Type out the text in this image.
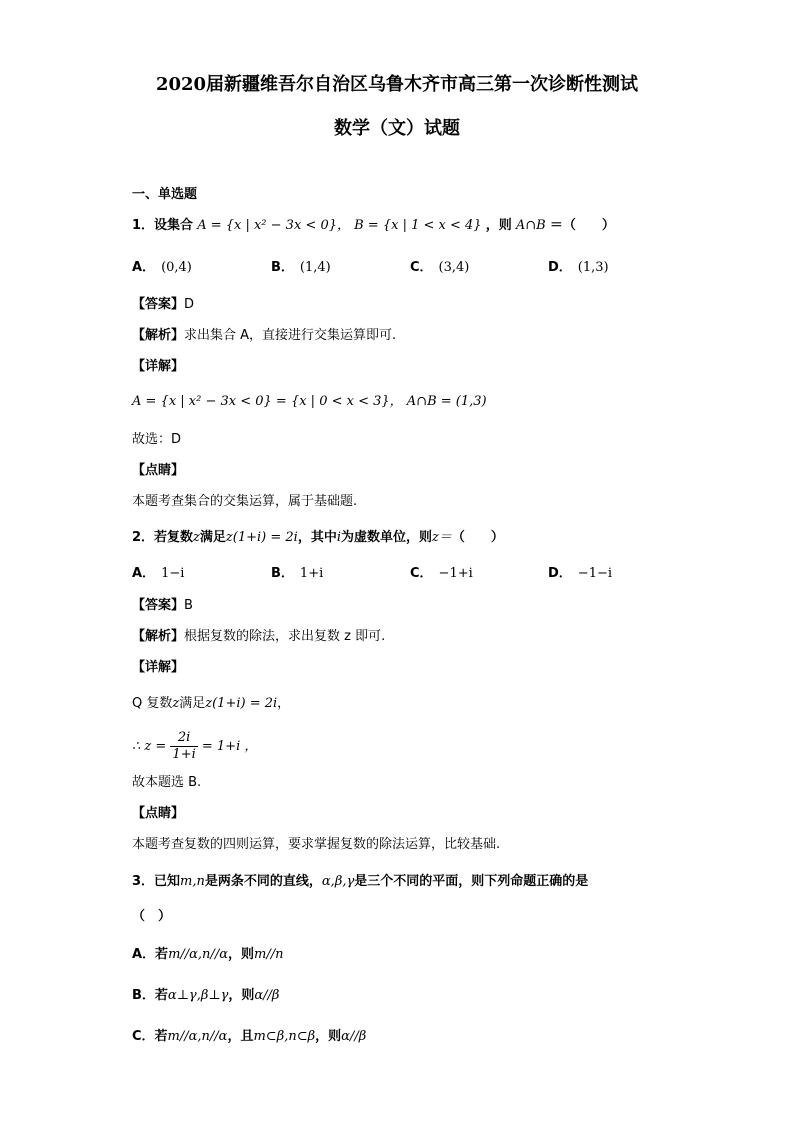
2020届新疆维吾尔自治区乌鲁木齐市高三第一次诊断性测试
数学（文）试题
一、单选题
1．设集合 A = {x | x² − 3x < 0}， B = {x | 1 < x < 4} ，则 A∩B ＝（　　）
A． (0,4)	B． (1,4)	C． (3,4)	D． (1,3)
【答案】D
【解析】求出集合 A，直接进行交集运算即可.
【详解】
A = {x | x² − 3x < 0} = {x | 0 < x < 3}， A∩B = (1,3)
故选：D
【点睛】
本题考查集合的交集运算，属于基础题.
2．若复数z满足z(1+i) = 2i，其中i为虚数单位，则z＝（　　）
A． 1−i	B． 1+i	C． −1+i	D． −1−i
【答案】B
【解析】根据复数的除法，求出复数 z 即可.
【详解】
Q 复数z满足z(1+i) = 2i，
∴ $z = \frac{2i}{1+i} = 1+i$ ，
故本题选 B.
【点睛】
本题考查复数的四则运算，要求掌握复数的除法运算，比较基础.
3．已知m,n是两条不同的直线，α,β,γ是三个不同的平面，则下列命题正确的是
（　）
A．若m//α,n//α，则m//n
B．若α⊥γ,β⊥γ，则α//β
C．若m//α,n//α，且m⊂β,n⊂β，则α//β
